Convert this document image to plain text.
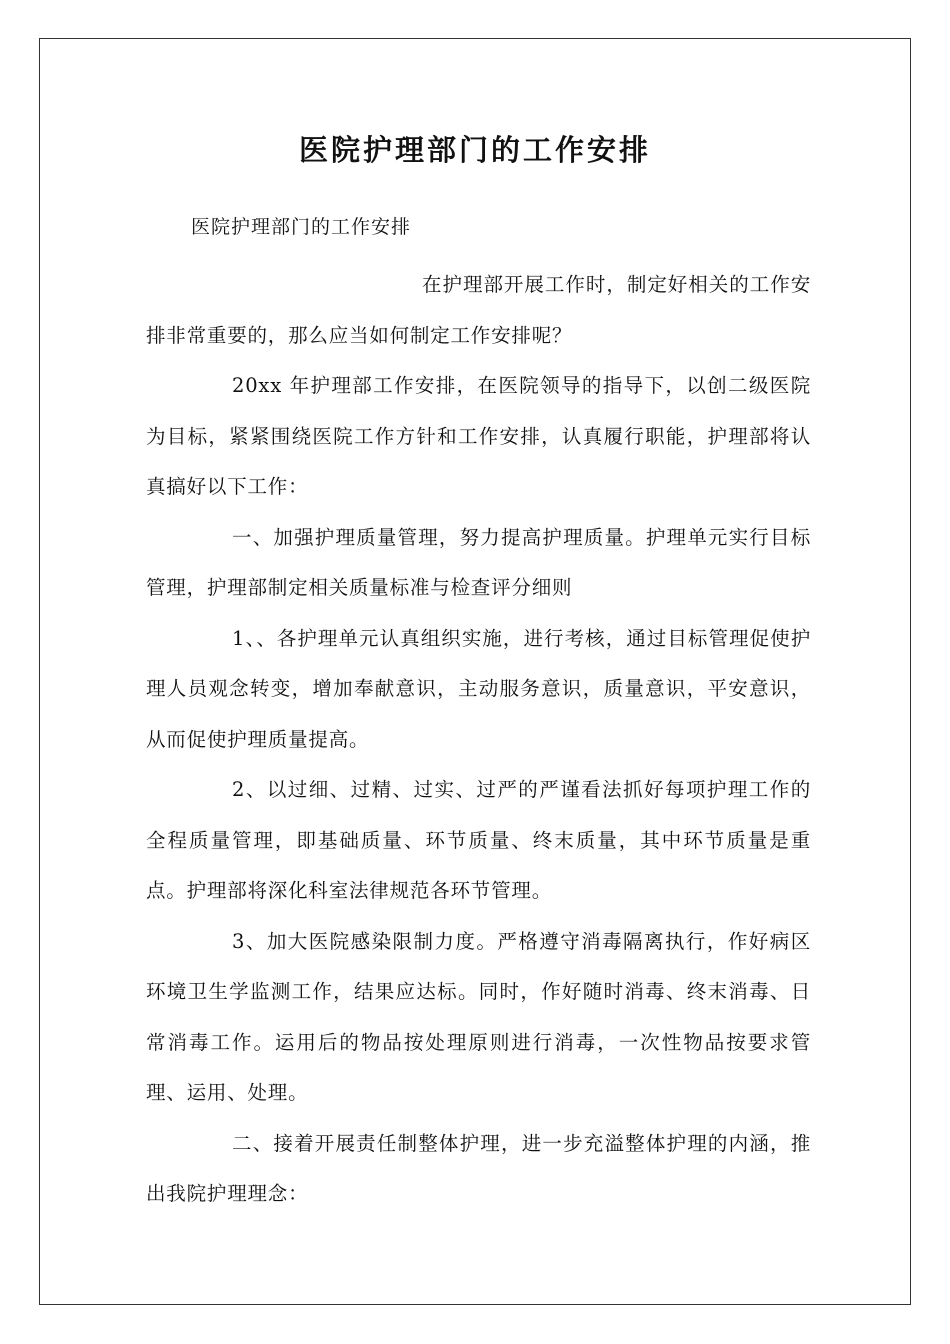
医院护理部门的工作安排

医院护理部门的工作安排

在护理部开展工作时，制定好相关的工作安排非常重要的，那么应当如何制定工作安排呢？

20xx 年护理部工作安排，在医院领导的指导下，以创二级医院为目标，紧紧围绕医院工作方针和工作安排，认真履行职能，护理部将认真搞好以下工作：

一、加强护理质量管理，努力提高护理质量。护理单元实行目标管理，护理部制定相关质量标准与检查评分细则

1、、各护理单元认真组织实施，进行考核，通过目标管理促使护理人员观念转变，增加奉献意识，主动服务意识，质量意识，平安意识，从而促使护理质量提高。

2、以过细、过精、过实、过严的严谨看法抓好每项护理工作的全程质量管理，即基础质量、环节质量、终末质量，其中环节质量是重点。护理部将深化科室法律规范各环节管理。

3、加大医院感染限制力度。严格遵守消毒隔离执行，作好病区环境卫生学监测工作，结果应达标。同时，作好随时消毒、终末消毒、日常消毒工作。运用后的物品按处理原则进行消毒，一次性物品按要求管理、运用、处理。

二、接着开展责任制整体护理，进一步充溢整体护理的内涵，推出我院护理理念：
